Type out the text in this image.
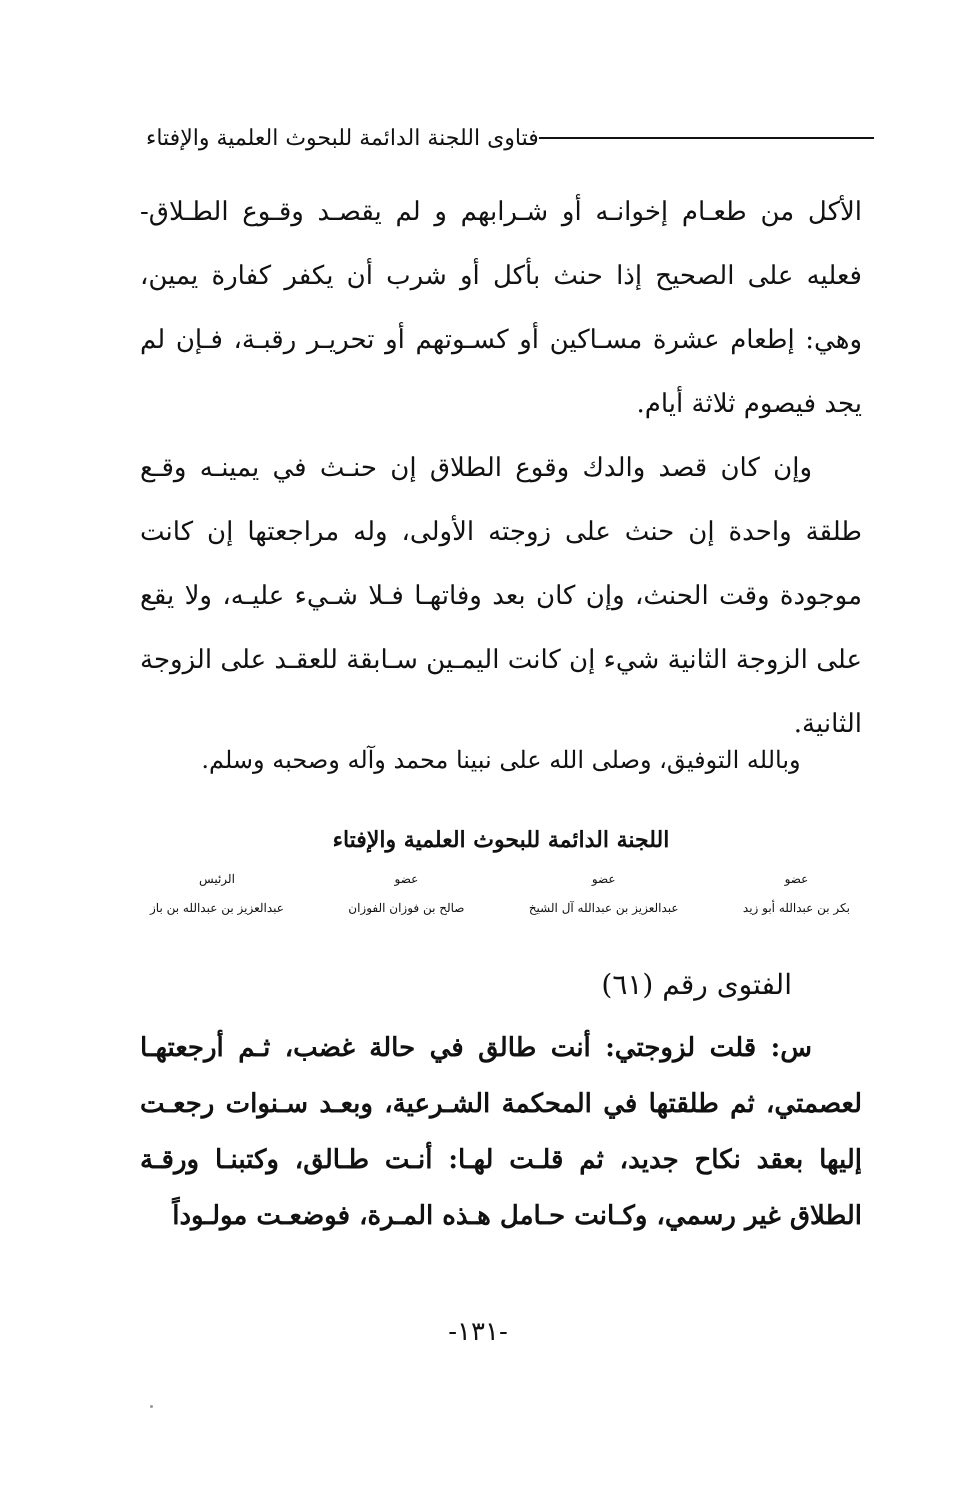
فتاوى اللجنة الدائمة للبحوث العلمية والإفتاء

الأكل من طعـام إخوانـه أو شـرابهم و لم يقصـد وقـوع الطـلاق- فعليه على الصحيح إذا حنث بأكل أو شرب أن يكفر كفارة يمين، وهي: إطعام عشرة مسـاكين أو كسـوتهم أو تحريـر رقبـة، فـإن لم يجد فيصوم ثلاثة أيام.

وإن كان قصد والدك وقوع الطلاق إن حنـث في يمينـه وقـع طلقة واحدة إن حنث على زوجته الأولى، وله مراجعتها إن كانت موجودة وقت الحنث، وإن كان بعد وفاتهـا فـلا شـيء عليـه، ولا يقع على الزوجة الثانية شيء إن كانت اليمـين سـابقة للعقـد على الزوجة الثانية.

وبالله التوفيق، وصلى الله على نبينا محمد وآله وصحبه وسلم.
اللجنة الدائمة للبحوث العلمية والإفتاء
عضو
بكر بن عبدالله أبو زيد
عضو
عبدالعزيز بن عبدالله آل الشيخ
عضو
صالح بن فوزان الفوزان
الرئيس
عبدالعزيز بن عبدالله بن باز
الفتوى رقم (٦١)
س: قلت لزوجتي: أنت طالق في حالة غضب، ثـم أرجعتهـا لعصمتي، ثم طلقتها في المحكمة الشـرعية، وبعـد سـنوات رجعـت إليها بعقد نكاح جديد، ثم قلـت لهـا: أنـت طـالق، وكتبنـا ورقـة الطلاق غير رسمي، وكـانت حـامل هـذه المـرة، فوضعـت مولـوداً
-١٣١-
